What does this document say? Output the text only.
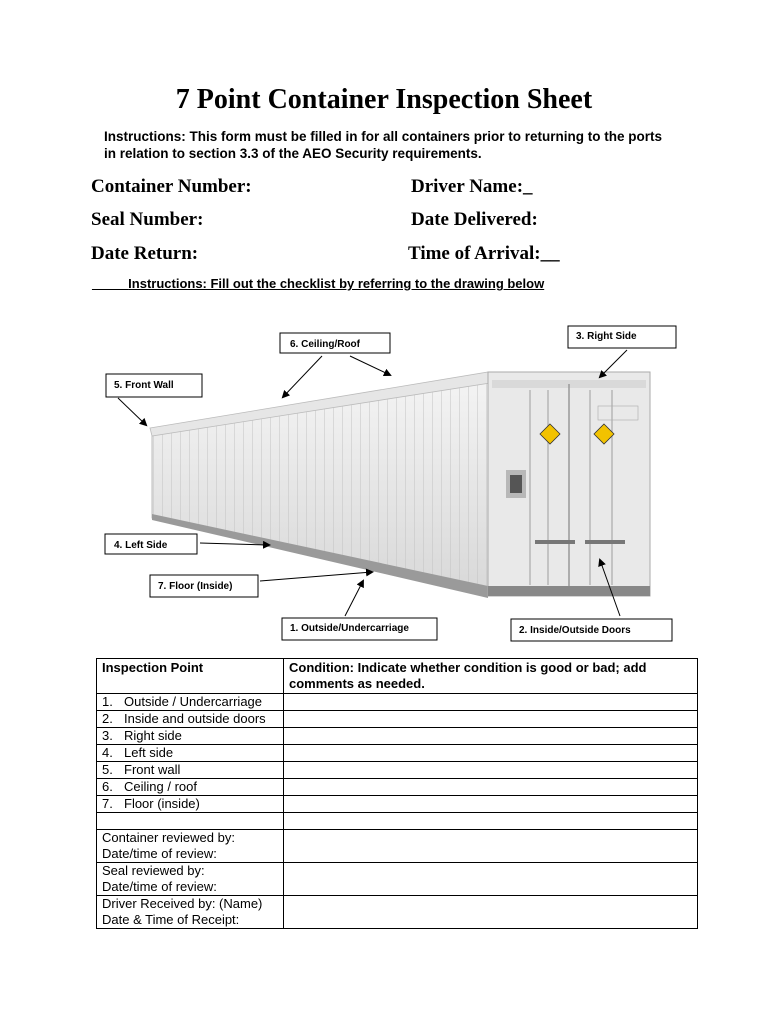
7 Point Container Inspection Sheet
Instructions: This form must be filled in for all containers prior to returning to the ports in relation to section 3.3 of the AEO Security requirements.
Container Number:	Driver Name:_
Seal Number:	Date Delivered:
Date Return:	Time of Arrival:__
_____Instructions: Fill out the checklist by referring to the drawing below
6. Ceiling/Roof
3. Right Side
5. Front Wall
4. Left Side
7. Floor (Inside)
1. Outside/Undercarriage	2. Inside/Outside Doors
Inspection Point	Condition: Indicate whether condition is good or bad; add comments as needed.
1. Outside / Undercarriage	
2. Inside and outside doors	
3. Right side	
4. Left side	
5. Front wall	
6. Ceiling / roof	
7. Floor (inside)	

Container reviewed by:
Date/time of review:	

Seal reviewed by:
Date/time of review:	

Driver Received by: (Name)
Date & Time of Receipt:	
